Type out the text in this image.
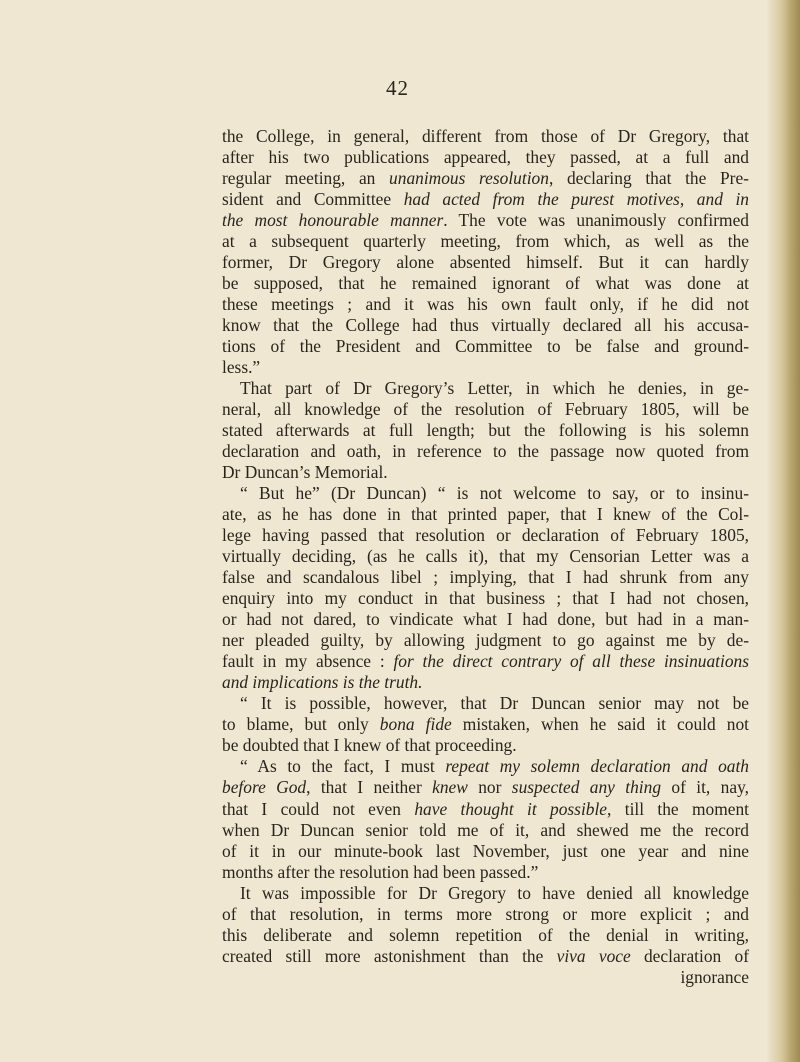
42
the College, in general, different from those of Dr Gregory, that
after his two publications appeared, they passed, at a full and
regular meeting, an unanimous resolution, declaring that the Pre-
sident and Committee had acted from the purest motives, and in
the most honourable manner. The vote was unanimously confirmed
at a subsequent quarterly meeting, from which, as well as the
former, Dr Gregory alone absented himself. But it can hardly
be supposed, that he remained ignorant of what was done at
these meetings ; and it was his own fault only, if he did not
know that the College had thus virtually declared all his accusa-
tions of the President and Committee to be false and ground-
less.”
That part of Dr Gregory’s Letter, in which he denies, in ge-
neral, all knowledge of the resolution of February 1805, will be
stated afterwards at full length; but the following is his solemn
declaration and oath, in reference to the passage now quoted from
Dr Duncan’s Memorial.
“ But he” (Dr Duncan) “ is not welcome to say, or to insinu-
ate, as he has done in that printed paper, that I knew of the Col-
lege having passed that resolution or declaration of February 1805,
virtually deciding, (as he calls it), that my Censorian Letter was a
false and scandalous libel ; implying, that I had shrunk from any
enquiry into my conduct in that business ; that I had not chosen,
or had not dared, to vindicate what I had done, but had in a man-
ner pleaded guilty, by allowing judgment to go against me by de-
fault in my absence : for the direct contrary of all these insinuations
and implications is the truth.
“ It is possible, however, that Dr Duncan senior may not be
to blame, but only bona fide mistaken, when he said it could not
be doubted that I knew of that proceeding.
“ As to the fact, I must repeat my solemn declaration and oath
before God, that I neither knew nor suspected any thing of it, nay,
that I could not even have thought it possible, till the moment
when Dr Duncan senior told me of it, and shewed me the record
of it in our minute-book last November, just one year and nine
months after the resolution had been passed.”
It was impossible for Dr Gregory to have denied all knowledge
of that resolution, in terms more strong or more explicit ; and
this deliberate and solemn repetition of the denial in writing,
created still more astonishment than the viva voce declaration of
ignorance
